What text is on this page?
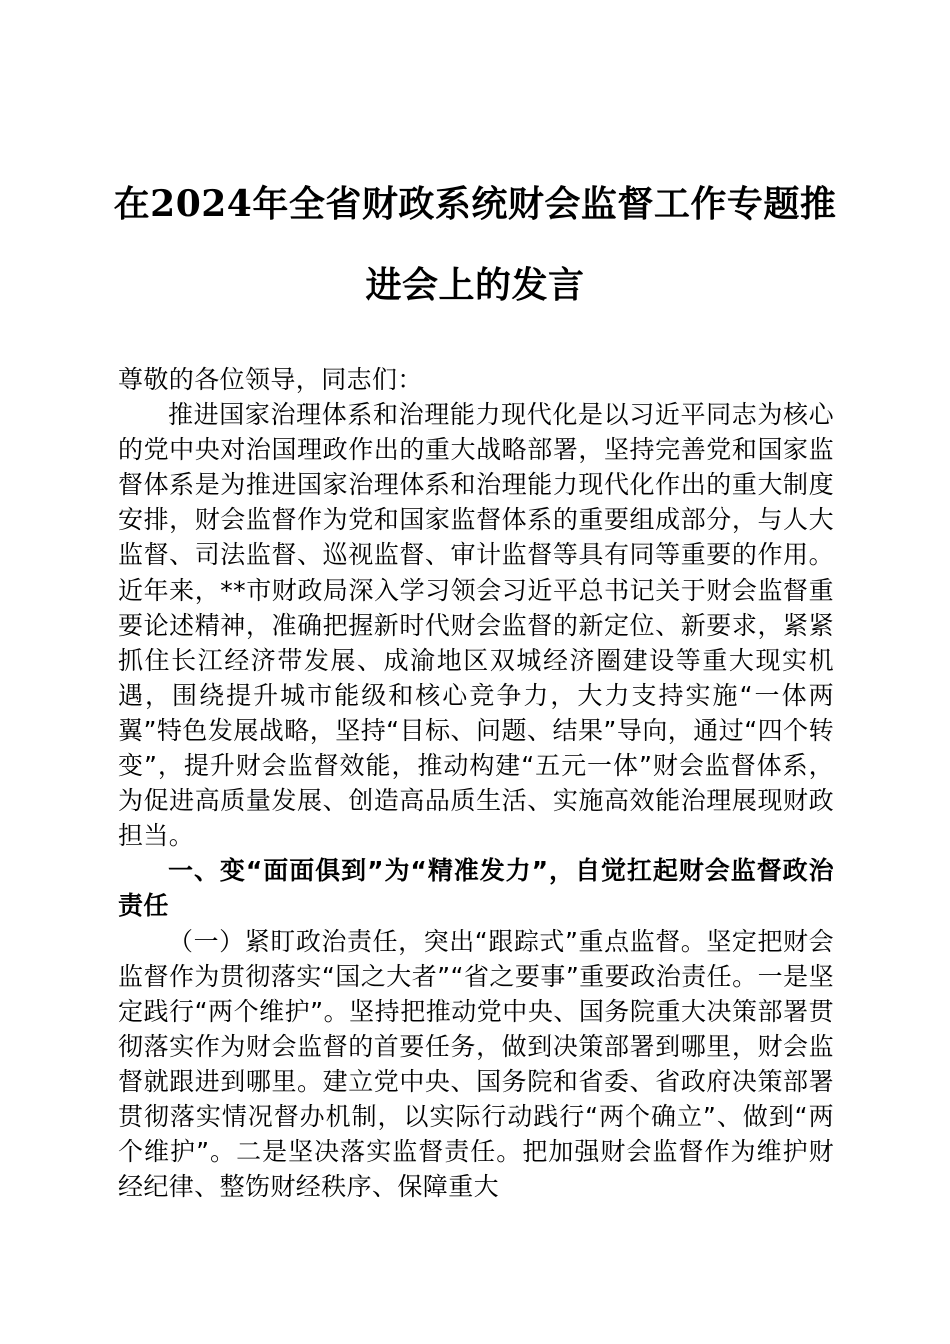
在2024年全省财政系统财会监督工作专题推进会上的发言

尊敬的各位领导，同志们：

推进国家治理体系和治理能力现代化是以习近平同志为核心的党中央对治国理政作出的重大战略部署，坚持完善党和国家监督体系是为推进国家治理体系和治理能力现代化作出的重大制度安排，财会监督作为党和国家监督体系的重要组成部分，与人大监督、司法监督、巡视监督、审计监督等具有同等重要的作用。近年来，**市财政局深入学习领会习近平总书记关于财会监督重要论述精神，准确把握新时代财会监督的新定位、新要求，紧紧抓住长江经济带发展、成渝地区双城经济圈建设等重大现实机遇，围绕提升城市能级和核心竞争力，大力支持实施“一体两翼”特色发展战略，坚持“目标、问题、结果”导向，通过“四个转变”，提升财会监督效能，推动构建“五元一体”财会监督体系，为促进高质量发展、创造高品质生活、实施高效能治理展现财政担当。

一、变“面面俱到”为“精准发力”，自觉扛起财会监督政治责任

（一）紧盯政治责任，突出“跟踪式”重点监督。坚定把财会监督作为贯彻落实“国之大者”“省之要事”重要政治责任。一是坚定践行“两个维护”。坚持把推动党中央、国务院重大决策部署贯彻落实作为财会监督的首要任务，做到决策部署到哪里，财会监督就跟进到哪里。建立党中央、国务院和省委、省政府决策部署贯彻落实情况督办机制，以实际行动践行“两个确立”、做到“两个维护”。二是坚决落实监督责任。把加强财会监督作为维护财经纪律、整饬财经秩序、保障重大
